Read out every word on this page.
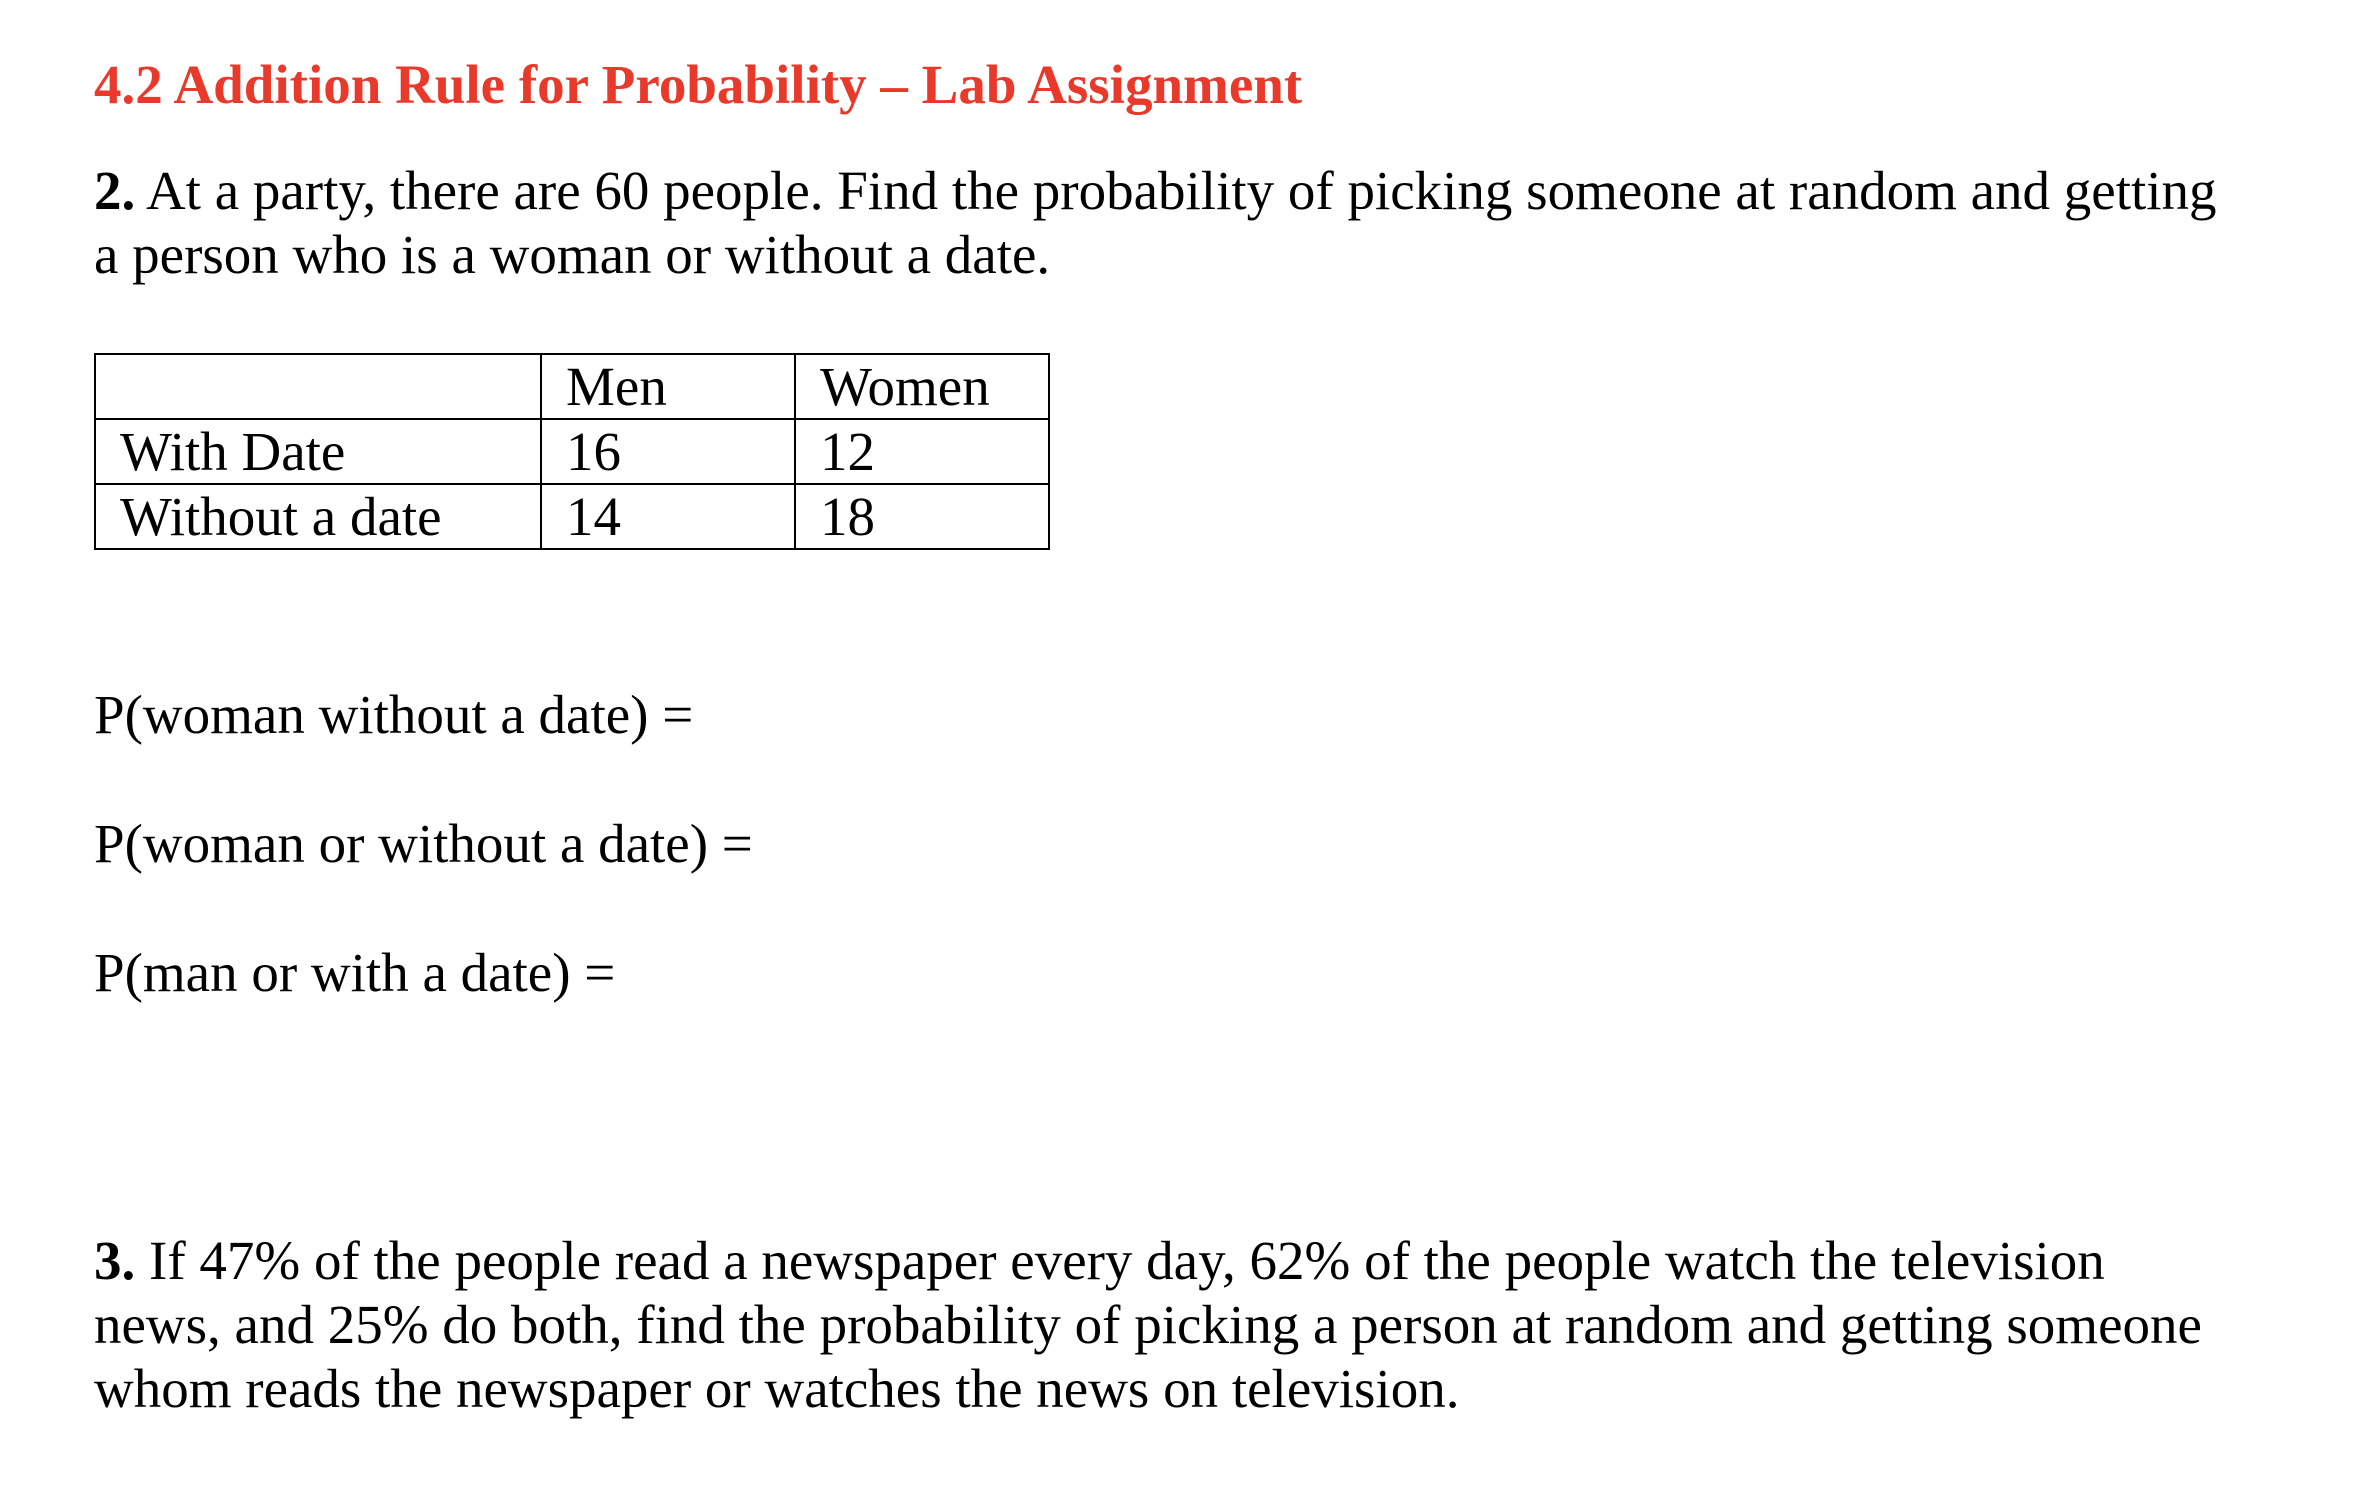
4.2 Addition Rule for Probability – Lab Assignment
2. At a party, there are 60 people. Find the probability of picking someone at random and getting
a person who is a woman or without a date.
	Men	Women
With Date	16	12
Without a date	14	18
P(woman without a date) =
P(woman or without a date) =
P(man or with a date) =
3. If 47% of the people read a newspaper every day, 62% of the people watch the television
news, and 25% do both, find the probability of picking a person at random and getting someone
whom reads the newspaper or watches the news on television.
